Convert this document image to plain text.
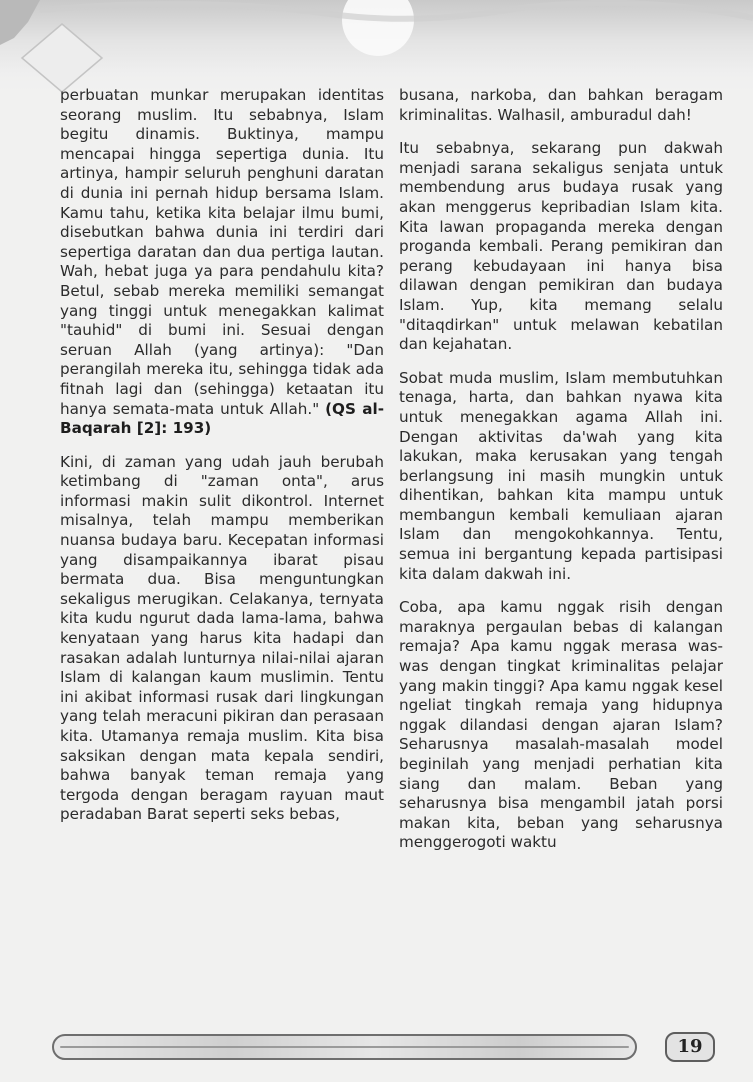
perbuatan munkar merupakan identitas seorang muslim. Itu sebabnya, Islam begitu dinamis. Buktinya, mampu mencapai hingga sepertiga dunia. Itu artinya, hampir seluruh penghuni daratan di dunia ini pernah hidup bersama Islam. Kamu tahu, ketika kita belajar ilmu bumi, disebutkan bahwa dunia ini terdiri dari sepertiga daratan dan dua pertiga lautan. Wah, hebat juga ya para pendahulu kita? Betul, sebab mereka memiliki semangat yang tinggi untuk menegakkan kalimat "tauhid" di bumi ini. Sesuai dengan seruan Allah (yang artinya): "Dan perangilah mereka itu, sehingga tidak ada fitnah lagi dan (sehingga) ketaatan itu hanya semata-mata untuk Allah." (QS al-Baqarah [2]: 193)

Kini, di zaman yang udah jauh berubah ketimbang di "zaman onta", arus informasi makin sulit dikontrol. Internet misalnya, telah mampu memberikan nuansa budaya baru. Kecepatan informasi yang disampaikannya ibarat pisau bermata dua. Bisa menguntungkan sekaligus merugikan. Celakanya, ternyata kita kudu ngurut dada lama-lama, bahwa kenyataan yang harus kita hadapi dan rasakan adalah lunturnya nilai-nilai ajaran Islam di kalangan kaum muslimin. Tentu ini akibat informasi rusak dari lingkungan yang telah meracuni pikiran dan perasaan kita. Utamanya remaja muslim. Kita bisa saksikan dengan mata kepala sendiri, bahwa banyak teman remaja yang tergoda dengan beragam rayuan maut peradaban Barat seperti seks bebas,

busana, narkoba, dan bahkan beragam kriminalitas. Walhasil, amburadul dah!

Itu sebabnya, sekarang pun dakwah menjadi sarana sekaligus senjata untuk membendung arus budaya rusak yang akan menggerus kepribadian Islam kita. Kita lawan propaganda mereka dengan proganda kembali. Perang pemikiran dan perang kebudayaan ini hanya bisa dilawan dengan pemikiran dan budaya Islam. Yup, kita memang selalu "ditaqdirkan" untuk melawan kebatilan dan kejahatan.

Sobat muda muslim, Islam membutuhkan tenaga, harta, dan bahkan nyawa kita untuk menegakkan agama Allah ini. Dengan aktivitas da'wah yang kita lakukan, maka kerusakan yang tengah berlangsung ini masih mungkin untuk dihentikan, bahkan kita mampu untuk membangun kembali kemuliaan ajaran Islam dan mengokohkannya. Tentu, semua ini bergantung kepada partisipasi kita dalam dakwah ini.

Coba, apa kamu nggak risih dengan maraknya pergaulan bebas di kalangan remaja? Apa kamu nggak merasa was-was dengan tingkat kriminalitas pelajar yang makin tinggi? Apa kamu nggak kesel ngeliat tingkah remaja yang hidupnya nggak dilandasi dengan ajaran Islam? Seharusnya masalah-masalah model beginilah yang menjadi perhatian kita siang dan malam. Beban yang seharusnya bisa mengambil jatah porsi makan kita, beban yang seharusnya menggerogoti waktu

19
